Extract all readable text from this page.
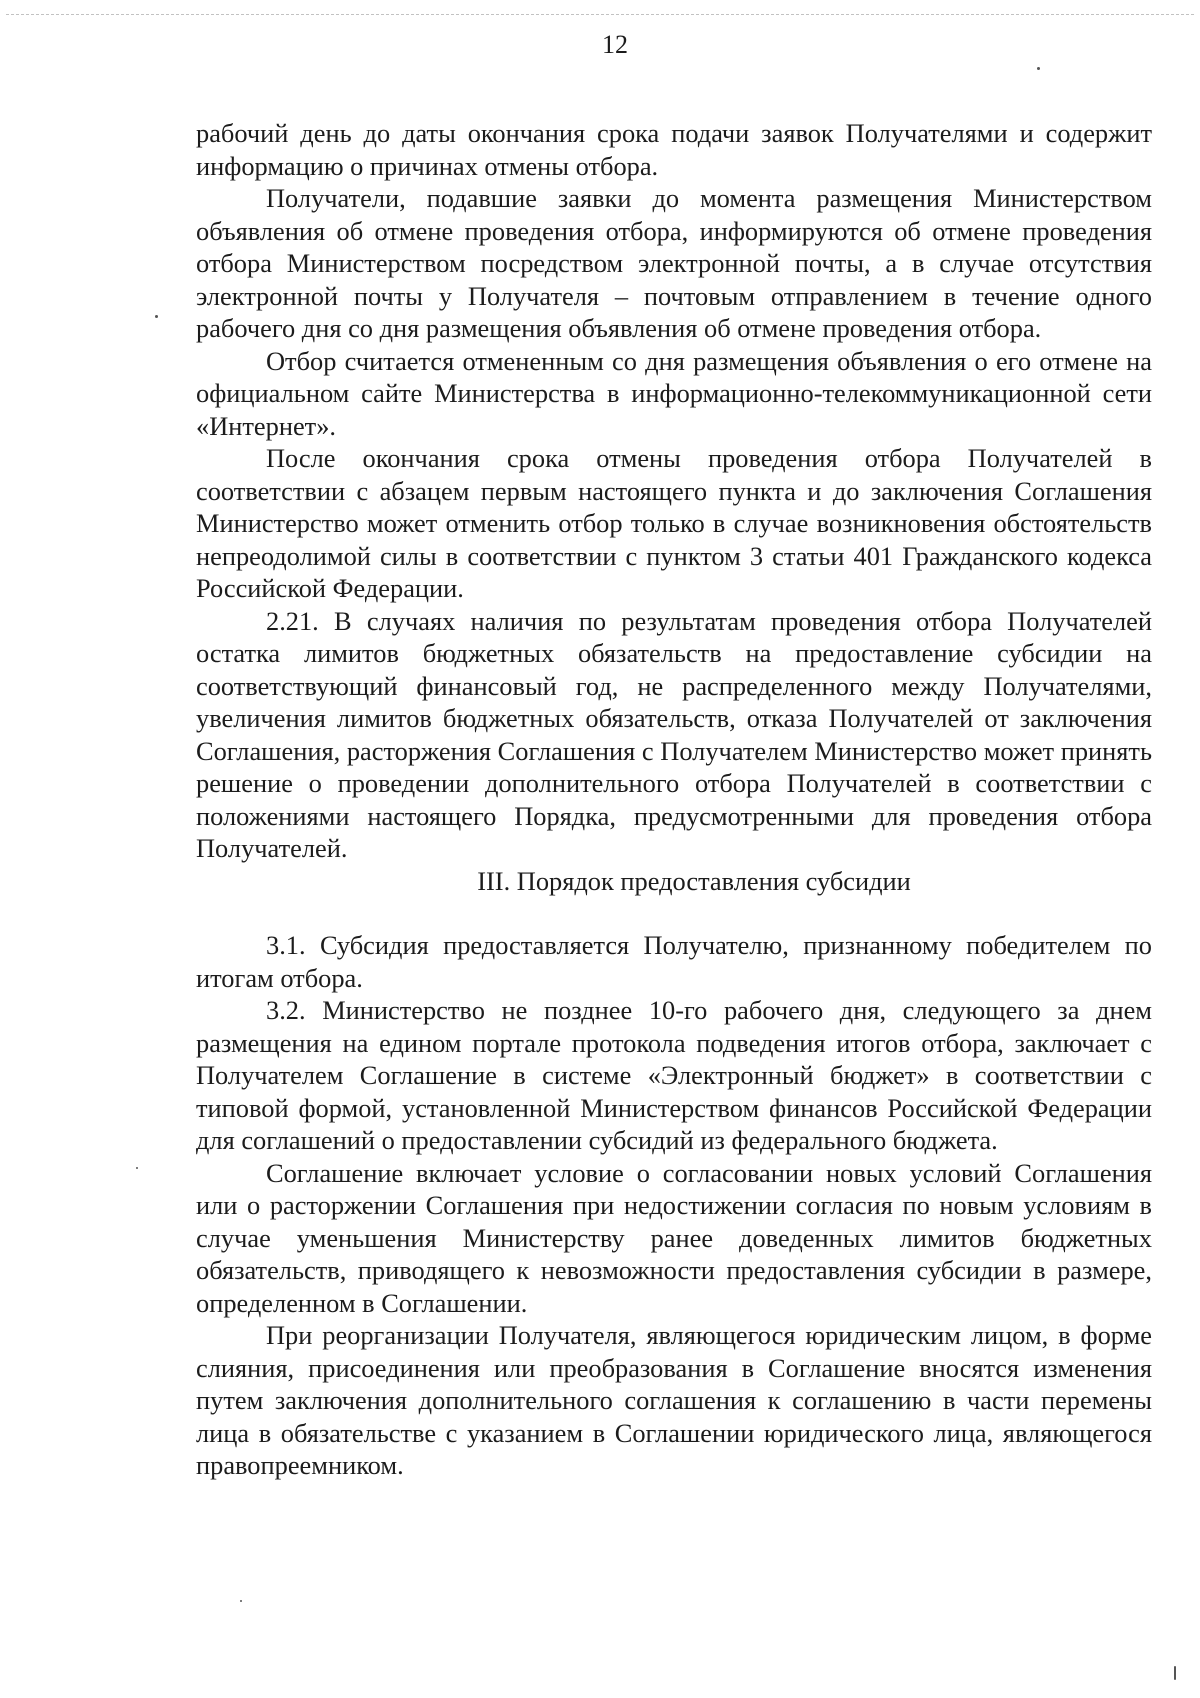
12

рабочий день до даты окончания срока подачи заявок Получателями и содержит информацию о причинах отмены отбора.

Получатели, подавшие заявки до момента размещения Министерством объявления об отмене проведения отбора, информируются об отмене проведения отбора Министерством посредством электронной почты, а в случае отсутствия электронной почты у Получателя – почтовым отправлением в течение одного рабочего дня со дня размещения объявления об отмене проведения отбора.

Отбор считается отмененным со дня размещения объявления о его отмене на официальном сайте Министерства в информационно-телекоммуникационной сети «Интернет».

После окончания срока отмены проведения отбора Получателей в соответствии с абзацем первым настоящего пункта и до заключения Соглашения Министерство может отменить отбор только в случае возникновения обстоятельств непреодолимой силы в соответствии с пунктом 3 статьи 401 Гражданского кодекса Российской Федерации.

2.21. В случаях наличия по результатам проведения отбора Получателей остатка лимитов бюджетных обязательств на предоставление субсидии на соответствующий финансовый год, не распределенного между Получателями, увеличения лимитов бюджетных обязательств, отказа Получателей от заключения Соглашения, расторжения Соглашения с Получателем Министерство может принять решение о проведении дополнительного отбора Получателей в соответствии с положениями настоящего Порядка, предусмотренными для проведения отбора Получателей.

III. Порядок предоставления субсидии

3.1. Субсидия предоставляется Получателю, признанному победителем по итогам отбора.

3.2. Министерство не позднее 10-го рабочего дня, следующего за днем размещения на едином портале протокола подведения итогов отбора, заключает с Получателем Соглашение в системе «Электронный бюджет» в соответствии с типовой формой, установленной Министерством финансов Российской Федерации для соглашений о предоставлении субсидий из федерального бюджета.

Соглашение включает условие о согласовании новых условий Соглашения или о расторжении Соглашения при недостижении согласия по новым условиям в случае уменьшения Министерству ранее доведенных лимитов бюджетных обязательств, приводящего к невозможности предоставления субсидии в размере, определенном в Соглашении.

При реорганизации Получателя, являющегося юридическим лицом, в форме слияния, присоединения или преобразования в Соглашение вносятся изменения путем заключения дополнительного соглашения к соглашению в части перемены лица в обязательстве с указанием в Соглашении юридического лица, являющегося правопреемником.
